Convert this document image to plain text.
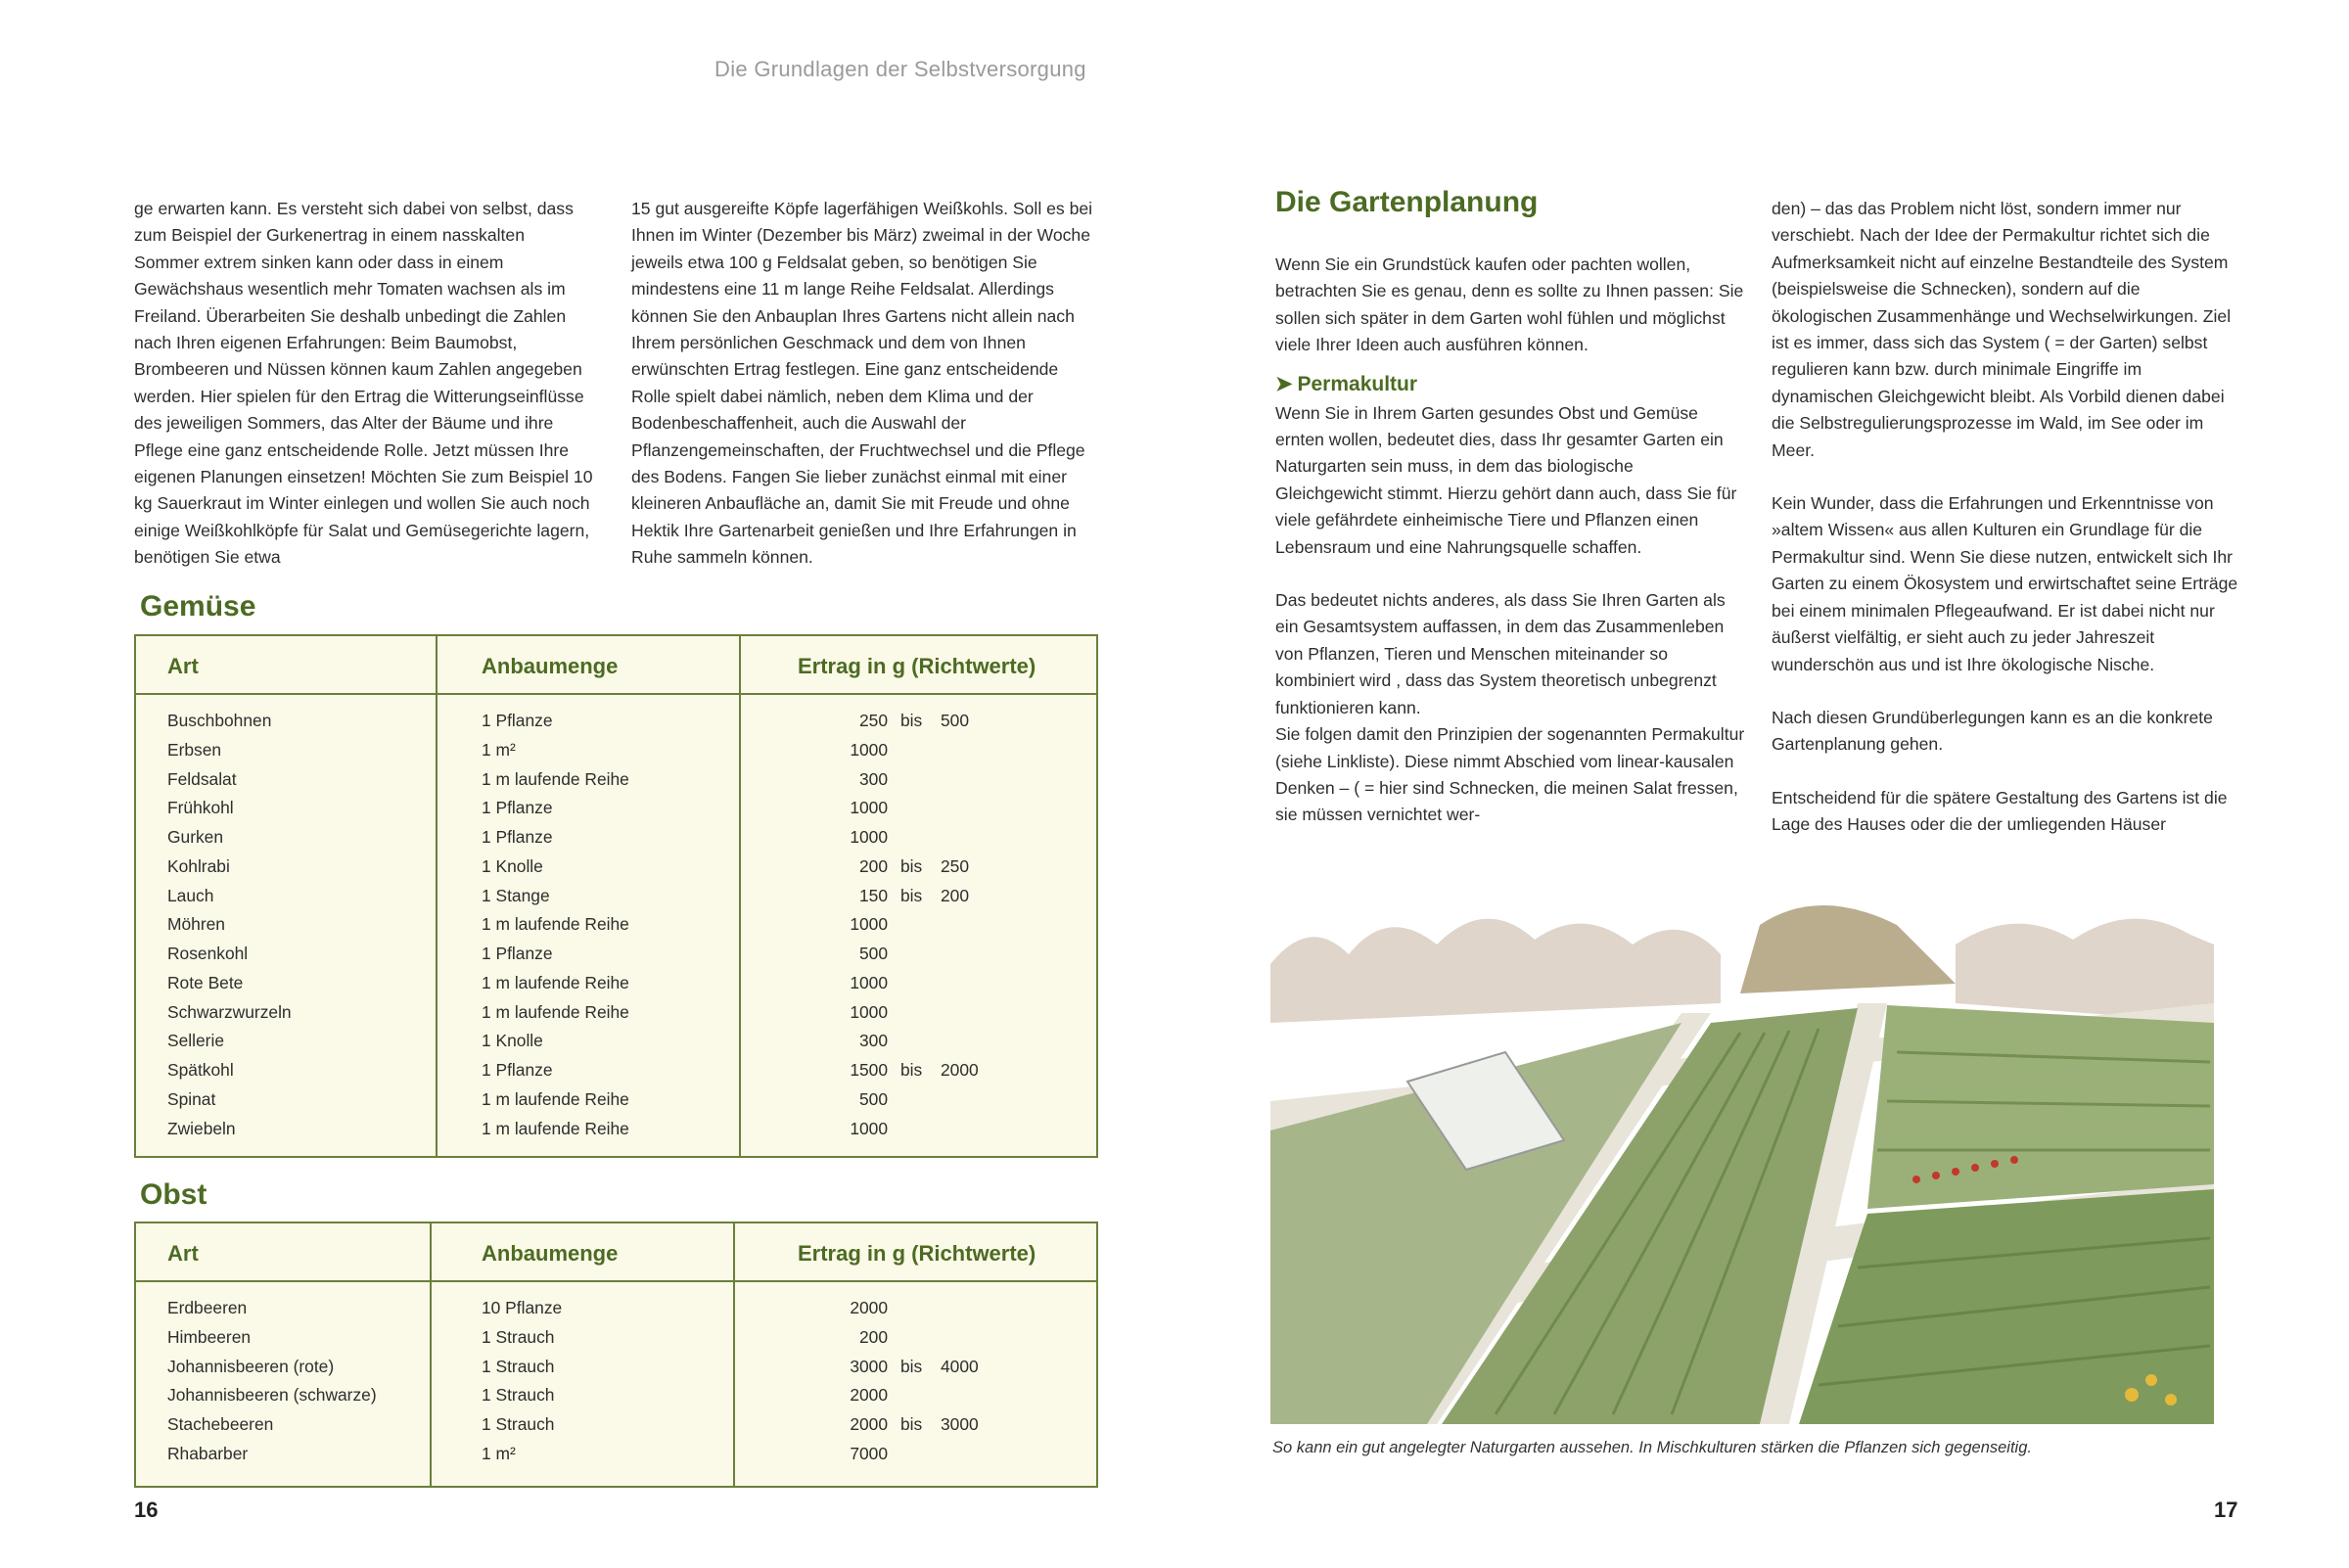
Die Grundlagen der Selbstversorgung

ge erwarten kann. Es versteht sich dabei von selbst, dass zum Beispiel der Gurkenertrag in einem nasskalten Sommer extrem sinken kann oder dass in einem Gewächshaus wesentlich mehr Tomaten wachsen als im Freiland. Überarbeiten Sie deshalb unbedingt die Zahlen nach Ihren eigenen Erfahrungen: Beim Baumobst, Brombeeren und Nüssen können kaum Zahlen angegeben werden. Hier spielen für den Ertrag die Witterungseinflüsse des jeweiligen Sommers, das Alter der Bäume und ihre Pflege eine ganz entscheidende Rolle. Jetzt müssen Ihre eigenen Planungen einsetzen! Möchten Sie zum Beispiel 10 kg Sauerkraut im Winter einlegen und wollen Sie auch noch einige Weißkohlköpfe für Salat und Gemüsegerichte lagern, benötigen Sie etwa

15 gut ausgereifte Köpfe lagerfähigen Weißkohls. Soll es bei Ihnen im Winter (Dezember bis März) zweimal in der Woche jeweils etwa 100 g Feldsalat geben, so benötigen Sie mindestens eine 11 m lange Reihe Feldsalat. Allerdings können Sie den Anbauplan Ihres Gartens nicht allein nach Ihrem persönlichen Geschmack und dem von Ihnen erwünschten Ertrag festlegen. Eine ganz entscheidende Rolle spielt dabei nämlich, neben dem Klima und der Bodenbeschaffenheit, auch die Auswahl der Pflanzengemeinschaften, der Fruchtwechsel und die Pflege des Bodens. Fangen Sie lieber zunächst einmal mit einer kleineren Anbaufläche an, damit Sie mit Freude und ohne Hektik Ihre Gartenarbeit genießen und Ihre Erfahrungen in Ruhe sammeln können.

Gemüse
Art	Anbaumenge	Ertrag in g (Richtwerte)
Buschbohnen	1 Pflanze	250 bis 500
Erbsen	1 m²	1000
Feldsalat	1 m laufende Reihe	300
Frühkohl	1 Pflanze	1000
Gurken	1 Pflanze	1000
Kohlrabi	1 Knolle	200 bis 250
Lauch	1 Stange	150 bis 200
Möhren	1 m laufende Reihe	1000
Rosenkohl	1 Pflanze	500
Rote Bete	1 m laufende Reihe	1000
Schwarzwurzeln	1 m laufende Reihe	1000
Sellerie	1 Knolle	300
Spätkohl	1 Pflanze	1500 bis 2000
Spinat	1 m laufende Reihe	500
Zwiebeln	1 m laufende Reihe	1000
Obst
Art	Anbaumenge	Ertrag in g (Richtwerte)
Erdbeeren	10 Pflanze	2000
Himbeeren	1 Strauch	200
Johannisbeeren (rote)	1 Strauch	3000 bis 4000
Johannisbeeren (schwarze)	1 Strauch	2000
Stachebeeren	1 Strauch	2000 bis 3000
Rhabarber	1 m²	7000
16
Die Gartenplanung

Wenn Sie ein Grundstück kaufen oder pachten wollen, betrachten Sie es genau, denn es sollte zu Ihnen passen: Sie sollen sich später in dem Garten wohl fühlen und möglichst viele Ihrer Ideen auch ausführen können.

➤ Permakultur

Wenn Sie in Ihrem Garten gesundes Obst und Gemüse ernten wollen, bedeutet dies, dass Ihr gesamter Garten ein Naturgarten sein muss, in dem das biologische Gleichgewicht stimmt. Hierzu gehört dann auch, dass Sie für viele gefährdete einheimische Tiere und Pflanzen einen Lebensraum und eine Nahrungsquelle schaffen.

Das bedeutet nichts anderes, als dass Sie Ihren Garten als ein Gesamtsystem auffassen, in dem das Zusammenleben von Pflanzen, Tieren und Menschen miteinander so kombiniert wird , dass das System theoretisch unbegrenzt funktionieren kann.

Sie folgen damit den Prinzipien der sogenannten Permakultur (siehe Linkliste). Diese nimmt Abschied vom linear-kausalen Denken – ( = hier sind Schnecken, die meinen Salat fressen, sie müssen vernichtet wer-

den) – das das Problem nicht löst, sondern immer nur verschiebt. Nach der Idee der Permakultur richtet sich die Aufmerksamkeit nicht auf einzelne Bestandteile des System (beispielsweise die Schnecken), sondern auf die ökologischen Zusammenhänge und Wechselwirkungen. Ziel ist es immer, dass sich das System ( = der Garten) selbst regulieren kann bzw. durch minimale Eingriffe im dynamischen Gleichgewicht bleibt. Als Vorbild dienen dabei die Selbstregulierungsprozesse im Wald, im See oder im Meer.

Kein Wunder, dass die Erfahrungen und Erkenntnisse von »altem Wissen« aus allen Kulturen ein Grundlage für die Permakultur sind. Wenn Sie diese nutzen, entwickelt sich Ihr Garten zu einem Ökosystem und erwirtschaftet seine Erträge bei einem minimalen Pflegeaufwand. Er ist dabei nicht nur äußerst vielfältig, er sieht auch zu jeder Jahreszeit wunderschön aus und ist Ihre ökologische Nische.

Nach diesen Grundüberlegungen kann es an die konkrete Gartenplanung gehen.

Entscheidend für die spätere Gestaltung des Gartens ist die Lage des Hauses oder die der umliegenden Häuser

So kann ein gut angelegter Naturgarten aussehen. In Mischkulturen stärken die Pflanzen sich gegenseitig.
17
